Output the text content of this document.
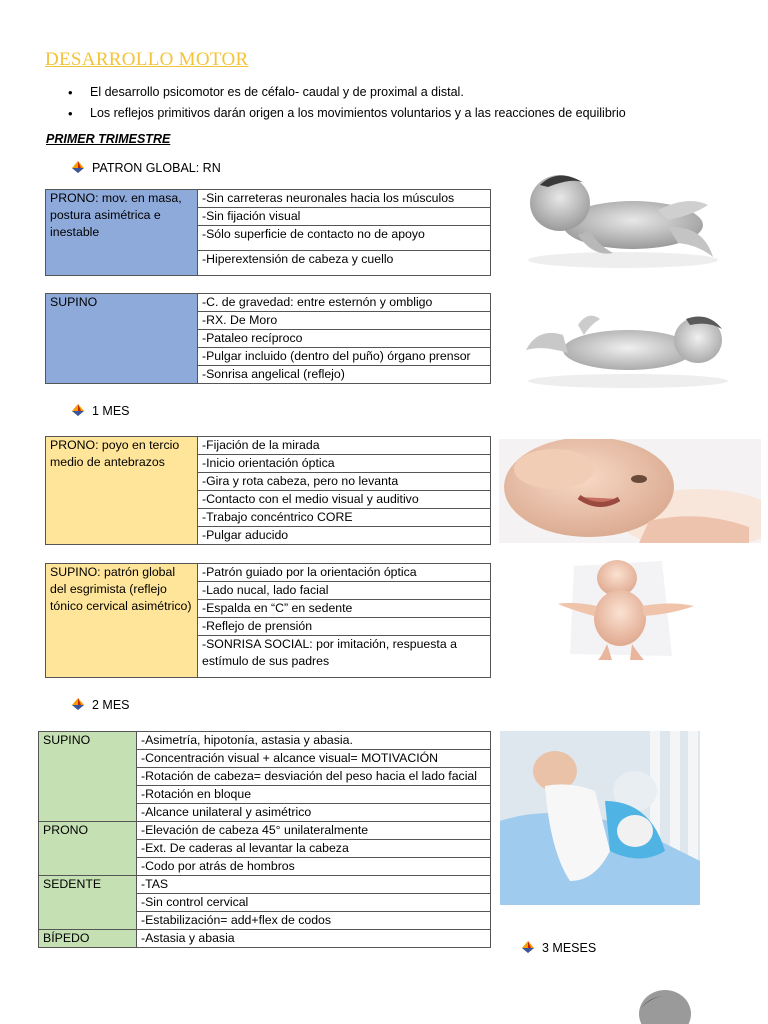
DESARROLLO MOTOR
• El desarrollo psicomotor es de céfalo- caudal y de proximal a distal.
• Los reflejos primitivos darán origen a los movimientos voluntarios y a las reacciones de equilibrio
PRIMER TRIMESTRE
PATRON GLOBAL: RN
PRONO: mov. en masa, postura asimétrica e inestable	-Sin carreteras neuronales hacia los músculos
-Sin fijación visual
-Sólo superficie de contacto no de apoyo
-Hiperextensión de cabeza y cuello
SUPINO	-C. de gravedad: entre esternón y ombligo
-RX. De Moro
-Pataleo recíproco
-Pulgar incluido (dentro del puño) órgano prensor
-Sonrisa angelical (reflejo)
1 MES
PRONO: poyo en tercio medio de antebrazos	-Fijación de la mirada
-Inicio orientación óptica
-Gira y rota cabeza, pero no levanta
-Contacto con el medio visual y auditivo
-Trabajo concéntrico CORE
-Pulgar aducido
SUPINO: patrón global del esgrimista (reflejo tónico cervical asimétrico)	-Patrón guiado por la orientación óptica
-Lado nucal, lado facial
-Espalda en “C” en sedente
-Reflejo de prensión
-SONRISA SOCIAL: por imitación, respuesta a estímulo de sus padres
2 MES
SUPINO	-Asimetría, hipotonía, astasia y abasia.
	-Concentración visual + alcance visual= MOTIVACIÓN
	-Rotación de cabeza= desviación del peso hacia el lado facial
	-Rotación en bloque
	-Alcance unilateral y asimétrico
PRONO	-Elevación de cabeza 45° unilateralmente
	-Ext. De caderas al levantar la cabeza
	-Codo por atrás de hombros
SEDENTE	-TAS
	-Sin control cervical
	-Estabilización= add+flex de codos
BÍPEDO	-Astasia y abasia
3 MESES
